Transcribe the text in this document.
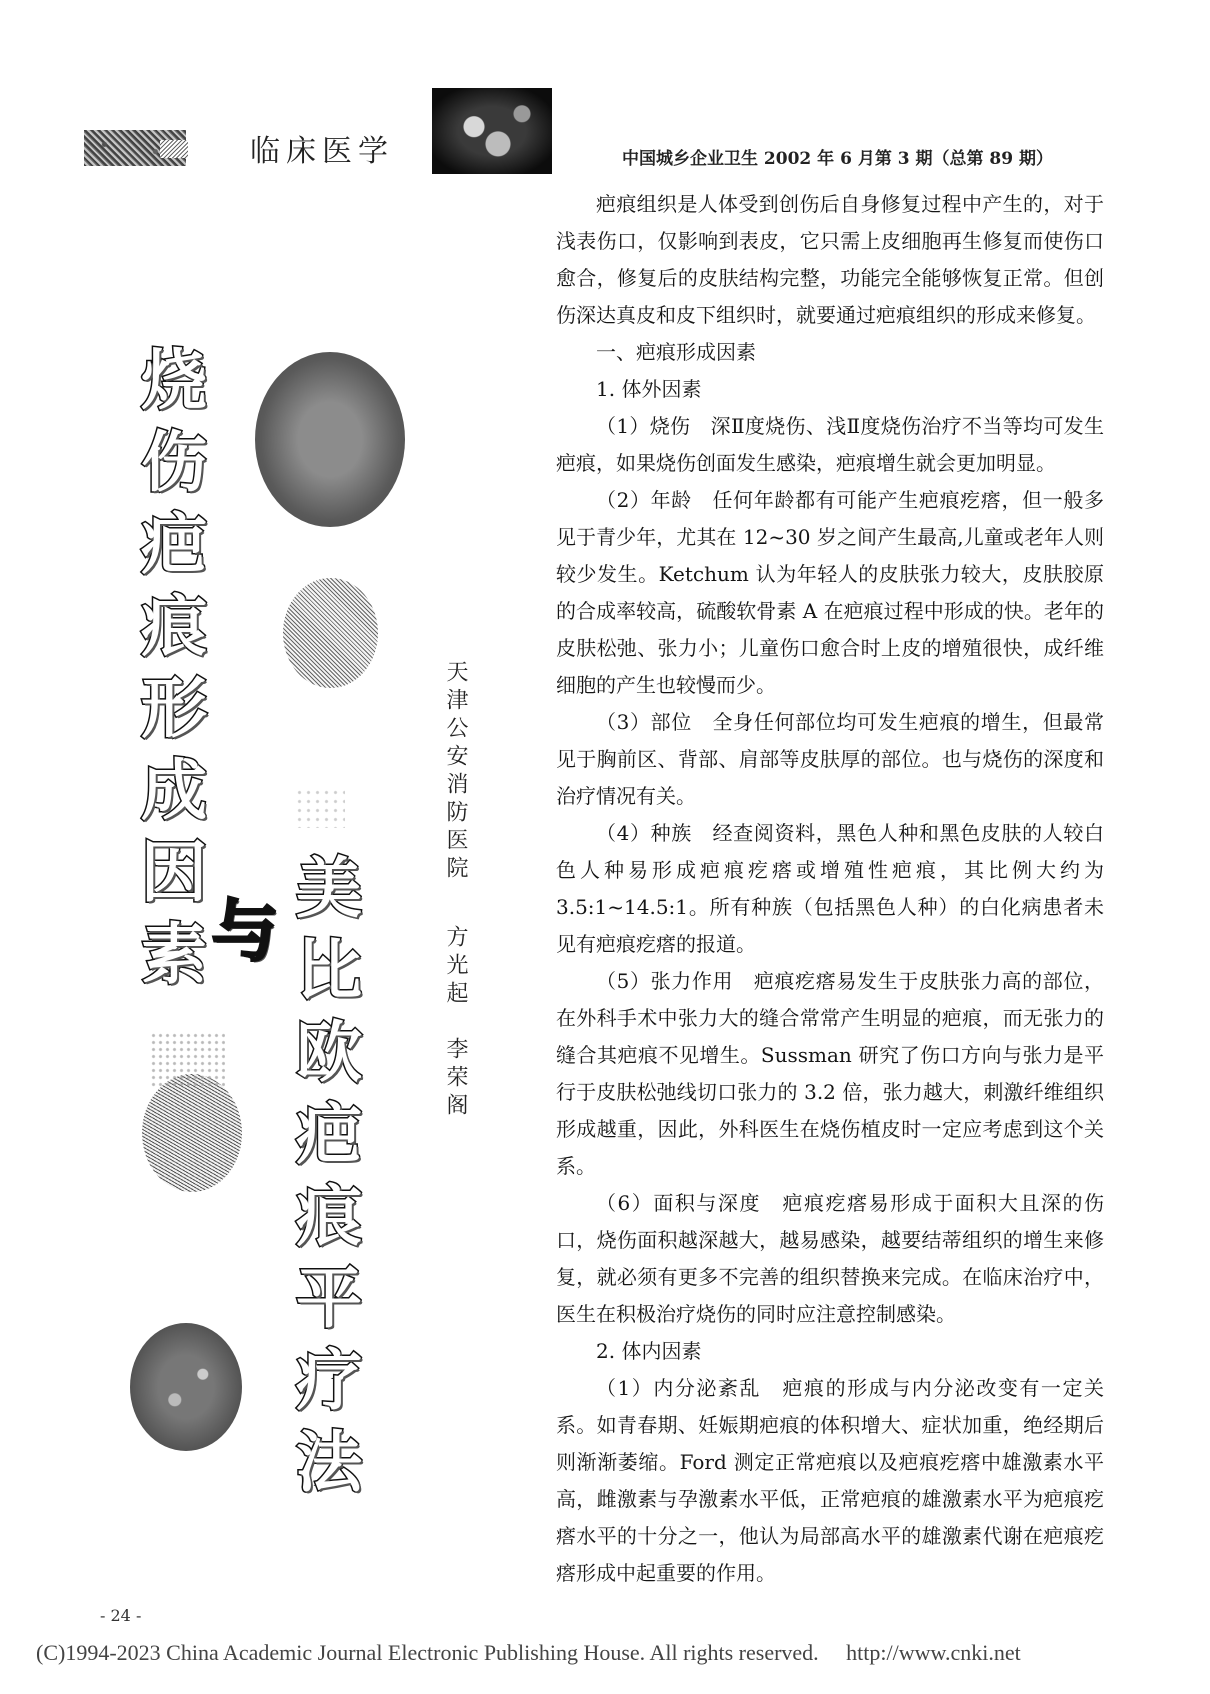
临床医学	中国城乡企业卫生 2002 年 6 月第 3 期（总第 89 期）
烧
伤
疤
痕
形
成
因
素 与
美
比
欧
疤
痕
平
疗
法
天津公安消防医院
方光起　李荣阁

疤痕组织是人体受到创伤后自身修复过程中产生的，对于浅表伤口，仅影响到表皮，它只需上皮细胞再生修复而使伤口愈合，修复后的皮肤结构完整，功能完全能够恢复正常。但创伤深达真皮和皮下组织时，就要通过疤痕组织的形成来修复。

一、疤痕形成因素

1. 体外因素

（1）烧伤　深Ⅱ度烧伤、浅Ⅱ度烧伤治疗不当等均可发生疤痕，如果烧伤创面发生感染，疤痕增生就会更加明显。

（2）年龄　任何年龄都有可能产生疤痕疙瘩，但一般多见于青少年，尤其在 12~30 岁之间产生最高,儿童或老年人则较少发生。Ketchum 认为年轻人的皮肤张力较大，皮肤胶原的合成率较高，硫酸软骨素 A 在疤痕过程中形成的快。老年的皮肤松弛、张力小；儿童伤口愈合时上皮的增殖很快，成纤维细胞的产生也较慢而少。

（3）部位　全身任何部位均可发生疤痕的增生，但最常见于胸前区、背部、肩部等皮肤厚的部位。也与烧伤的深度和治疗情况有关。

（4）种族　经查阅资料，黑色人种和黑色皮肤的人较白色人种易形成疤痕疙瘩或增殖性疤痕，其比例大约为 3.5:1~14.5:1。所有种族（包括黑色人种）的白化病患者未见有疤痕疙瘩的报道。

（5）张力作用　疤痕疙瘩易发生于皮肤张力高的部位，在外科手术中张力大的缝合常常产生明显的疤痕，而无张力的缝合其疤痕不见增生。Sussman 研究了伤口方向与张力是平行于皮肤松弛线切口张力的 3.2 倍，张力越大，刺激纤维组织形成越重，因此，外科医生在烧伤植皮时一定应考虑到这个关系。

（6）面积与深度　疤痕疙瘩易形成于面积大且深的伤口，烧伤面积越深越大，越易感染，越要结蒂组织的增生来修复，就必须有更多不完善的组织替换来完成。在临床治疗中，医生在积极治疗烧伤的同时应注意控制感染。

2. 体内因素

（1）内分泌紊乱　疤痕的形成与内分泌改变有一定关系。如青春期、妊娠期疤痕的体积增大、症状加重，绝经期后则渐渐萎缩。Ford 测定正常疤痕以及疤痕疙瘩中雄激素水平高，雌激素与孕激素水平低，正常疤痕的雄激素水平为疤痕疙瘩水平的十分之一，他认为局部高水平的雄激素代谢在疤痕疙瘩形成中起重要的作用。

- 24 -
(C)1994-2023 China Academic Journal Electronic Publishing House. All rights reserved.　 http://www.cnki.net
